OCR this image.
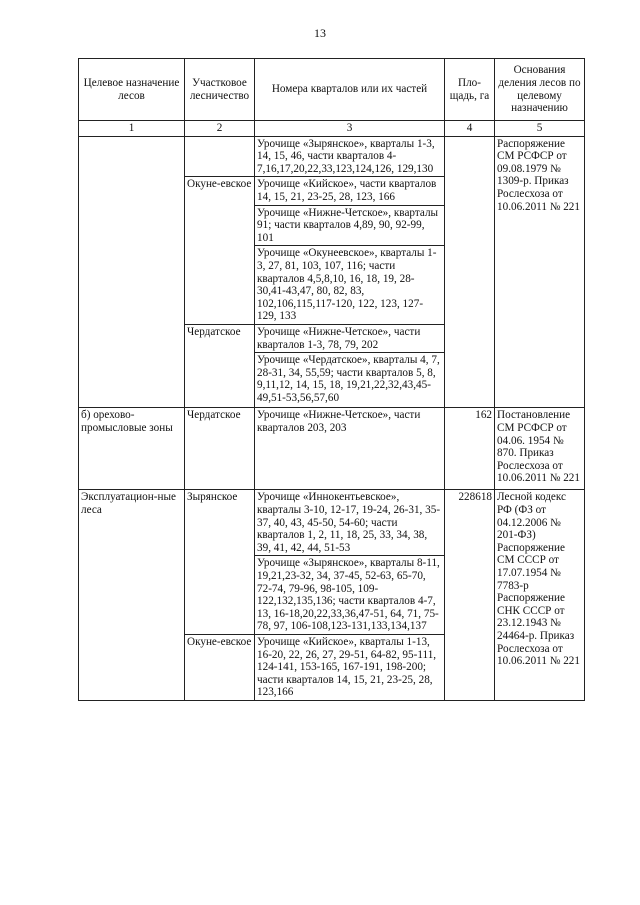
13
Целевое назначение лесов	Участковое лесничество	Номера кварталов или их частей	Пло-щадь, га	Основания деления лесов по целевому назначению
1	2	3	4	5
		Урочище «Зырянское», кварталы 1-3, 14, 15, 46, части кварталов 4-7,16,17,20,22,33,123,124,126, 129,130		Распоряжение СМ РСФСР от 09.08.1979 № 1309-р. Приказ Рослесхоза от 10.06.2011 № 221
	Окуне-евское	Урочище «Кийское», части кварталов 14, 15, 21, 23-25, 28, 123, 166		
		Урочище «Нижне-Четское», кварталы 91; части кварталов 4,89, 90, 92-99, 101		
		Урочище «Окунеевское», кварталы 1-3, 27, 81, 103, 107, 116; части кварталов 4,5,8,10, 16, 18, 19, 28-30,41-43,47, 80, 82, 83, 102,106,115,117-120, 122, 123, 127-129, 133		
	Чердатское	Урочище «Нижне-Четское», части кварталов 1-3, 78, 79, 202		
		Урочище «Чердатское», кварталы 4, 7, 28-31, 34, 55,59; части кварталов 5, 8, 9,11,12, 14, 15, 18, 19,21,22,32,43,45-49,51-53,56,57,60		
б) орехово-промысловые зоны	Чердатское	Урочище «Нижне-Четское», части кварталов 203, 203	162	Постановление СМ РСФСР от 04.06. 1954 № 870. Приказ Рослесхоза от 10.06.2011 № 221
Эксплуатацион-ные леса	Зырянское	Урочище «Иннокентьевское», кварталы 3-10, 12-17, 19-24, 26-31, 35-37, 40, 43, 45-50, 54-60; части кварталов 1, 2, 11, 18, 25, 33, 34, 38, 39, 41, 42, 44, 51-53	228618	Лесной кодекс РФ (ФЗ от 04.12.2006 № 201-ФЗ) Распоряжение СМ СССР от 17.07.1954 № 7783-р Распоряжение СНК СССР от 23.12.1943 № 24464-р. Приказ Рослесхоза от 10.06.2011 № 221
		Урочище «Зырянское», кварталы 8-11, 19,21,23-32, 34, 37-45, 52-63, 65-70, 72-74, 79-96, 98-105, 109-122,132,135,136; части кварталов 4-7, 13, 16-18,20,22,33,36,47-51, 64, 71, 75-78, 97, 106-108,123-131,133,134,137		
	Окуне-евское	Урочище «Кийское», кварталы 1-13, 16-20, 22, 26, 27, 29-51, 64-82, 95-111, 124-141, 153-165, 167-191, 198-200; части кварталов 14, 15, 21, 23-25, 28, 123,166		
